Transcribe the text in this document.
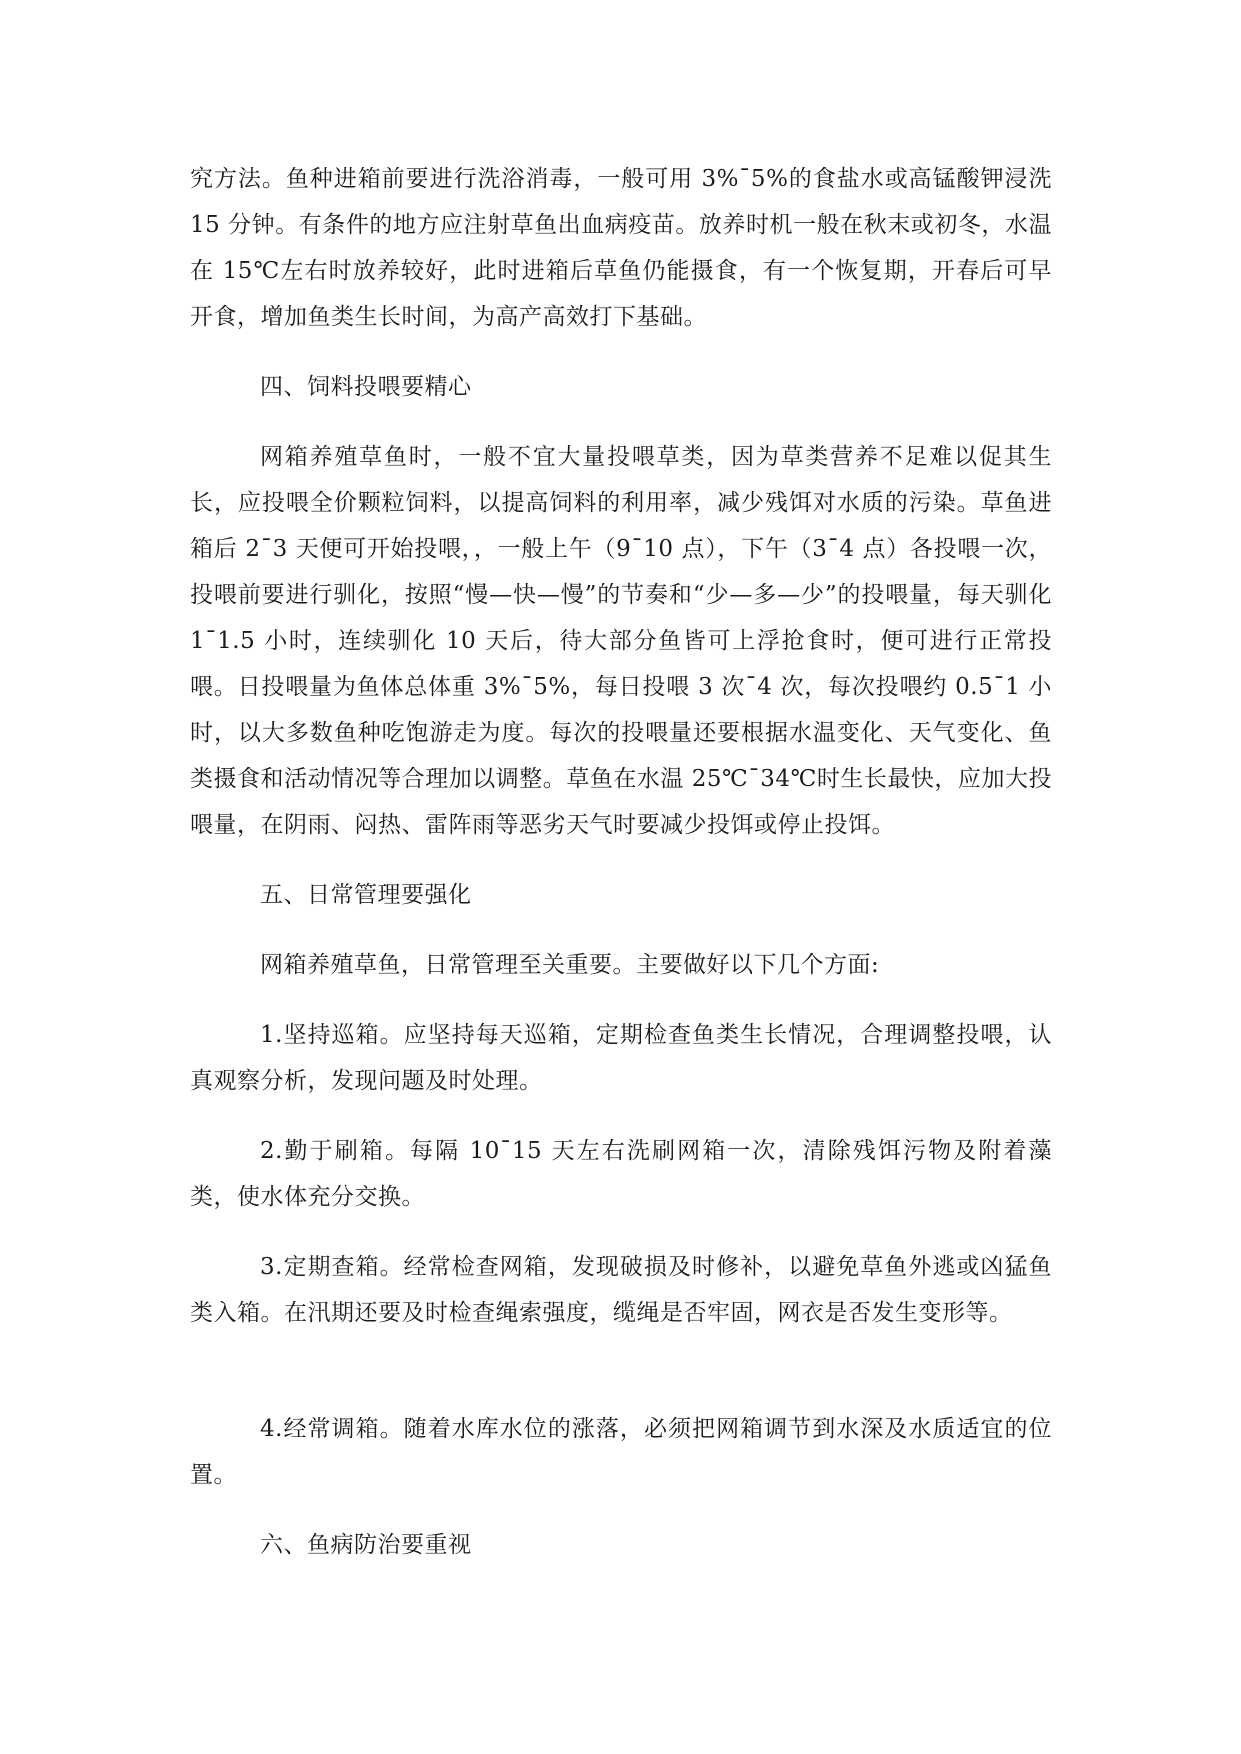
究方法。鱼种进箱前要进行洗浴消毒，一般可用 3%¯5%的食盐水或高锰酸钾浸洗 15 分钟。有条件的地方应注射草鱼出血病疫苗。放养时机一般在秋末或初冬，水温在 15℃左右时放养较好，此时进箱后草鱼仍能摄食，有一个恢复期，开春后可早开食，增加鱼类生长时间，为高产高效打下基础。

四、饲料投喂要精心

网箱养殖草鱼时，一般不宜大量投喂草类，因为草类营养不足难以促其生长，应投喂全价颗粒饲料，以提高饲料的利用率，减少残饵对水质的污染。草鱼进箱后 2¯3 天便可开始投喂，，一般上午（9¯10 点），下午（3¯4 点）各投喂一次，投喂前要进行驯化，按照“慢—快—慢”的节奏和“少—多—少”的投喂量，每天驯化 1¯1.5 小时，连续驯化 10 天后，待大部分鱼皆可上浮抢食时，便可进行正常投喂。日投喂量为鱼体总体重 3%¯5%，每日投喂 3 次¯4 次，每次投喂约 0.5¯1 小时，以大多数鱼种吃饱游走为度。每次的投喂量还要根据水温变化、天气变化、鱼类摄食和活动情况等合理加以调整。草鱼在水温 25℃¯34℃时生长最快，应加大投喂量，在阴雨、闷热、雷阵雨等恶劣天气时要减少投饵或停止投饵。

五、日常管理要强化

网箱养殖草鱼，日常管理至关重要。主要做好以下几个方面:

1.坚持巡箱。应坚持每天巡箱，定期检查鱼类生长情况，合理调整投喂，认真观察分析，发现问题及时处理。

2.勤于刷箱。每隔 10¯15 天左右洗刷网箱一次，清除残饵污物及附着藻类，使水体充分交换。

3.定期查箱。经常检查网箱，发现破损及时修补，以避免草鱼外逃或凶猛鱼类入箱。在汛期还要及时检查绳索强度，缆绳是否牢固，网衣是否发生变形等。

4.经常调箱。随着水库水位的涨落，必须把网箱调节到水深及水质适宜的位置。

六、鱼病防治要重视
